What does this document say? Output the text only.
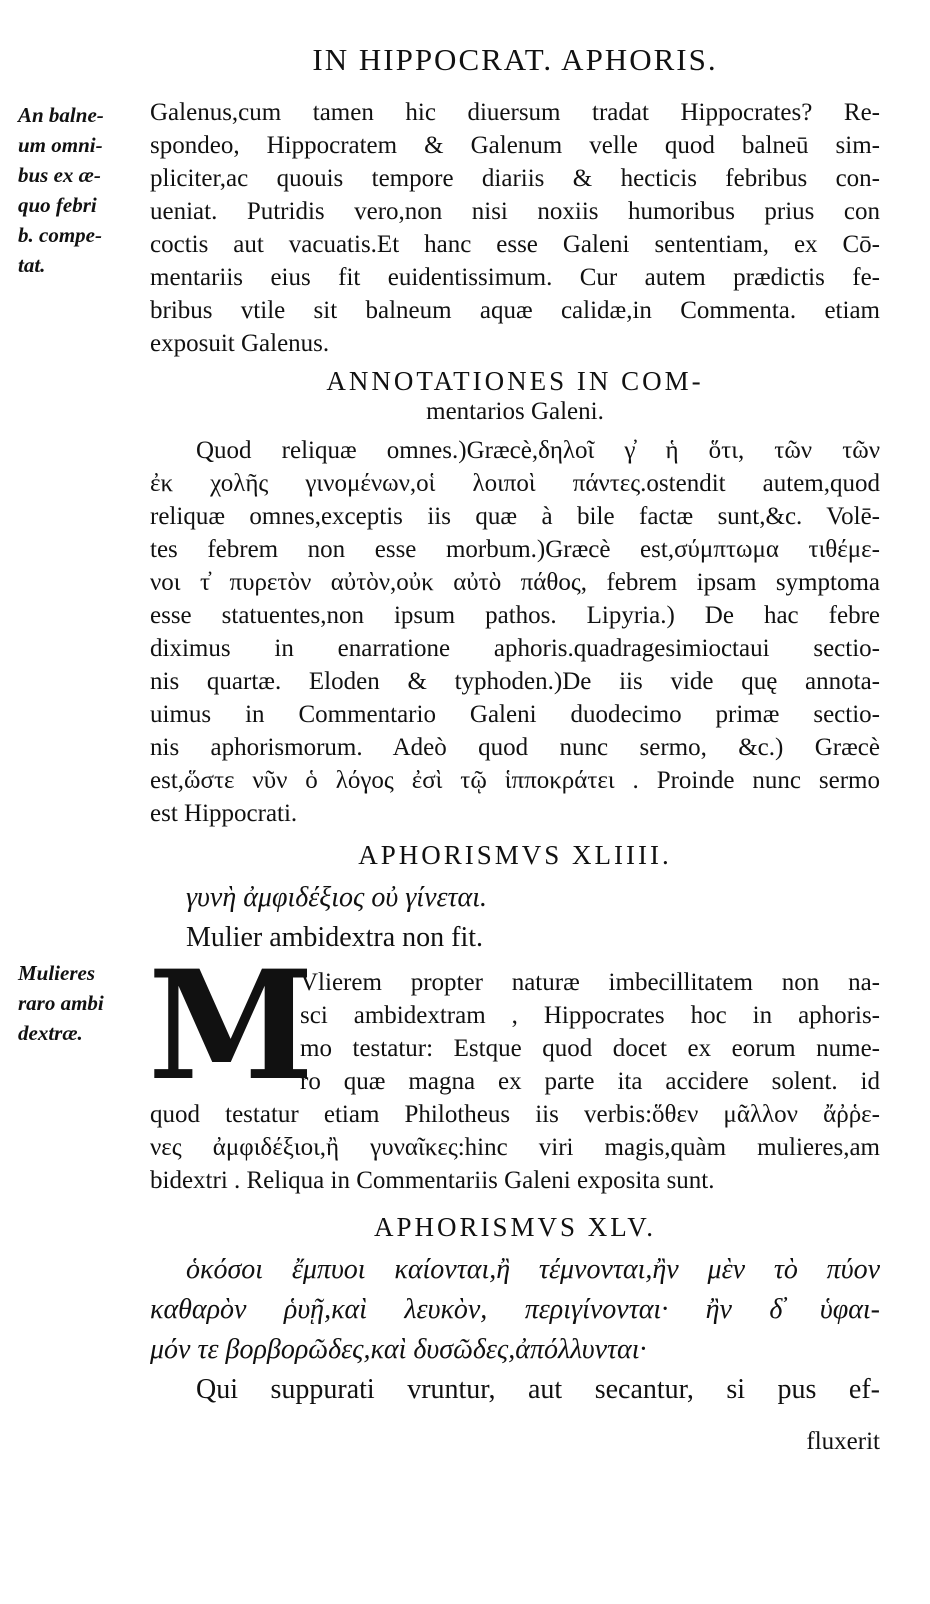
IN HIPPOCRAT. APHORIS.
An balne-
um omni-
bus ex æ-
quo febri
b. compe-
tat.
Galenus,cum tamen hic diuersum tradat Hippocrates? Re-
spondeo, Hippocratem & Galenum velle quod balneū sim-
pliciter,ac quouis tempore diariis & hecticis febribus con-
ueniat. Putridis vero,non nisi noxiis humoribus prius con
coctis aut vacuatis.Et hanc esse Galeni sententiam, ex Cō-
mentariis eius fit euidentissimum. Cur autem prædictis fe-
bribus vtile sit balneum aquæ calidæ,in Commenta. etiam
exposuit Galenus.
ANNOTATIONES IN COM-
mentarios Galeni.
Quod reliquæ omnes.)Græcè,δηλοῖ γ̓ ἡ ὅτι, τῶν τῶν
ἐκ χολῆς γινομένων,οἱ λοιποὶ πάντες.ostendit autem,quod
reliquæ omnes,exceptis iis quæ à bile factæ sunt,&c. Volē-
tes febrem non esse morbum.)Græcè est,σύμπτωμα τιθέμε-
νοι τ̓ πυρετὸν αὐτὸν,οὐκ αὐτὸ πάθος, febrem ipsam symptoma
esse statuentes,non ipsum pathos. Lipyria.) De hac febre
diximus in enarratione aphoris.quadragesimioctaui sectio-
nis quartæ. Eloden & typhoden.)De iis vide quę annota-
uimus in Commentario Galeni duodecimo primæ sectio-
nis aphorismorum. Adeò quod nunc sermo, &c.) Græcè
est,ὥστε νῦν ὁ λόγος ἐσὶ τῷ ἱπποκράτει . Proinde nunc sermo
est Hippocrati.
APHORISMVS XLIIII.
γυνὴ ἀμφιδέξιος οὐ γίνεται.
Mulier ambidextra non fit.
Mulieres
raro ambi
dextræ. M
Vlierem propter naturæ imbecillitatem non na-
sci ambidextram , Hippocrates hoc in aphoris-
mo testatur: Estque quod docet ex eorum nume-
ro quæ magna ex parte ita accidere solent. id
quod testatur etiam Philotheus iis verbis:ὅθεν μᾶλλον ἄῤῥε-
νες ἀμφιδέξιοι,ἢ γυναῖκες:hinc viri magis,quàm mulieres,am
bidextri . Reliqua in Commentariis Galeni exposita sunt.
APHORISMVS XLV.
ὁκόσοι ἔμπυοι καίονται,ἢ τέμνονται,ἢν μὲν τὸ πύον
καθαρὸν ῥυῇ,καὶ λευκὸν, περιγίνονται· ἢν δ̓ ὑφαι-
μόν τε βορβορῶδες,καὶ δυσῶδες,ἀπόλλυνται·
Qui suppurati vruntur, aut secantur, si pus ef-
fluxerit
